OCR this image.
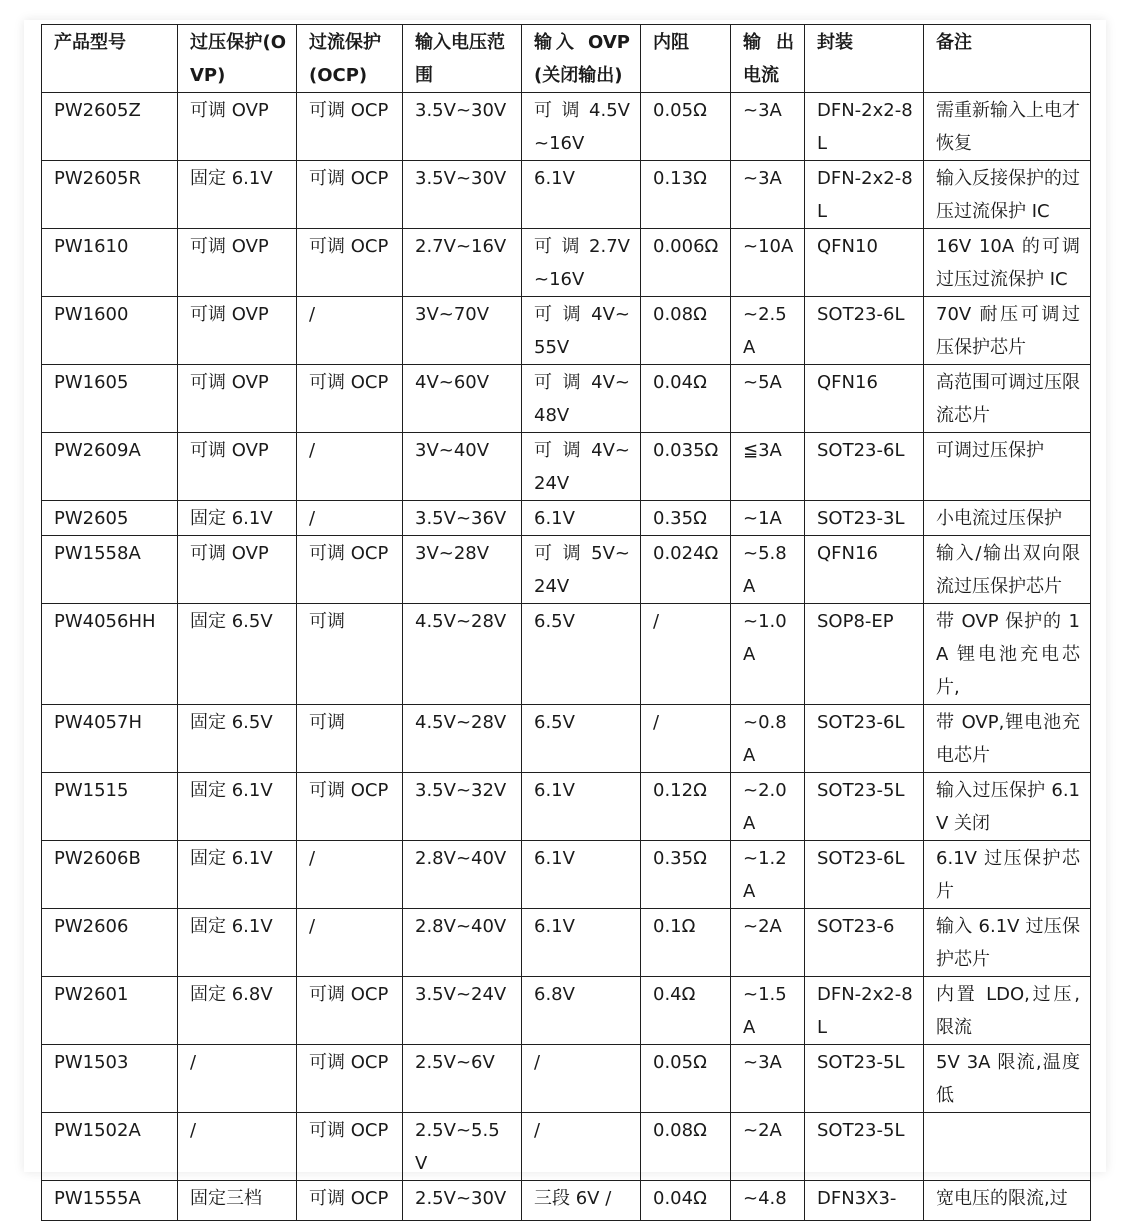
产品型号	过压保护(OVP)	过流保护(OCP)	输入电压范围	输入 OVP (关闭输出)	内阻	输出电流	封装	备注
PW2605Z	可调 OVP	可调 OCP	3.5V~30V	可 调 4.5V~16V	0.05Ω	~3A	DFN-2x2-8L	需重新输入上电才恢复
PW2605R	固定 6.1V	可调 OCP	3.5V~30V	6.1V	0.13Ω	~3A	DFN-2x2-8L	输入反接保护的过压过流保护 IC
PW1610	可调 OVP	可调 OCP	2.7V~16V	可 调 2.7V~16V	0.006Ω	~10A	QFN10	16V 10A 的可调过压过流保护 IC
PW1600	可调 OVP	/	3V~70V	可 调 4V~55V	0.08Ω	~2.5A	SOT23-6L	70V 耐压可调过压保护芯片
PW1605	可调 OVP	可调 OCP	4V~60V	可 调 4V~48V	0.04Ω	~5A	QFN16	高范围可调过压限流芯片
PW2609A	可调 OVP	/	3V~40V	可 调 4V~24V	0.035Ω	≦3A	SOT23-6L	可调过压保护
PW2605	固定 6.1V	/	3.5V~36V	6.1V	0.35Ω	~1A	SOT23-3L	小电流过压保护
PW1558A	可调 OVP	可调 OCP	3V~28V	可 调 5V~24V	0.024Ω	~5.8A	QFN16	输入/输出双向限流过压保护芯片
PW4056HH	固定 6.5V	可调	4.5V~28V	6.5V	/	~1.0A	SOP8-EP	带 OVP 保护的 1A 锂电池充电芯片,
PW4057H	固定 6.5V	可调	4.5V~28V	6.5V	/	~0.8A	SOT23-6L	带 OVP,锂电池充电芯片
PW1515	固定 6.1V	可调 OCP	3.5V~32V	6.1V	0.12Ω	~2.0A	SOT23-5L	输入过压保护 6.1V 关闭
PW2606B	固定 6.1V	/	2.8V~40V	6.1V	0.35Ω	~1.2A	SOT23-6L	6.1V 过压保护芯片
PW2606	固定 6.1V	/	2.8V~40V	6.1V	0.1Ω	~2A	SOT23-6	输入 6.1V 过压保护芯片
PW2601	固定 6.8V	可调 OCP	3.5V~24V	6.8V	0.4Ω	~1.5A	DFN-2x2-8L	内置 LDO,过压,限流
PW1503	/	可调 OCP	2.5V~6V	/	0.05Ω	~3A	SOT23-5L	5V 3A 限流,温度低
PW1502A	/	可调 OCP	2.5V~5.5V	/	0.08Ω	~2A	SOT23-5L	
PW1555A	固定三档	可调 OCP	2.5V~30V	三段 6V /	0.04Ω	~4.8	DFN3X3-	宽电压的限流,过
